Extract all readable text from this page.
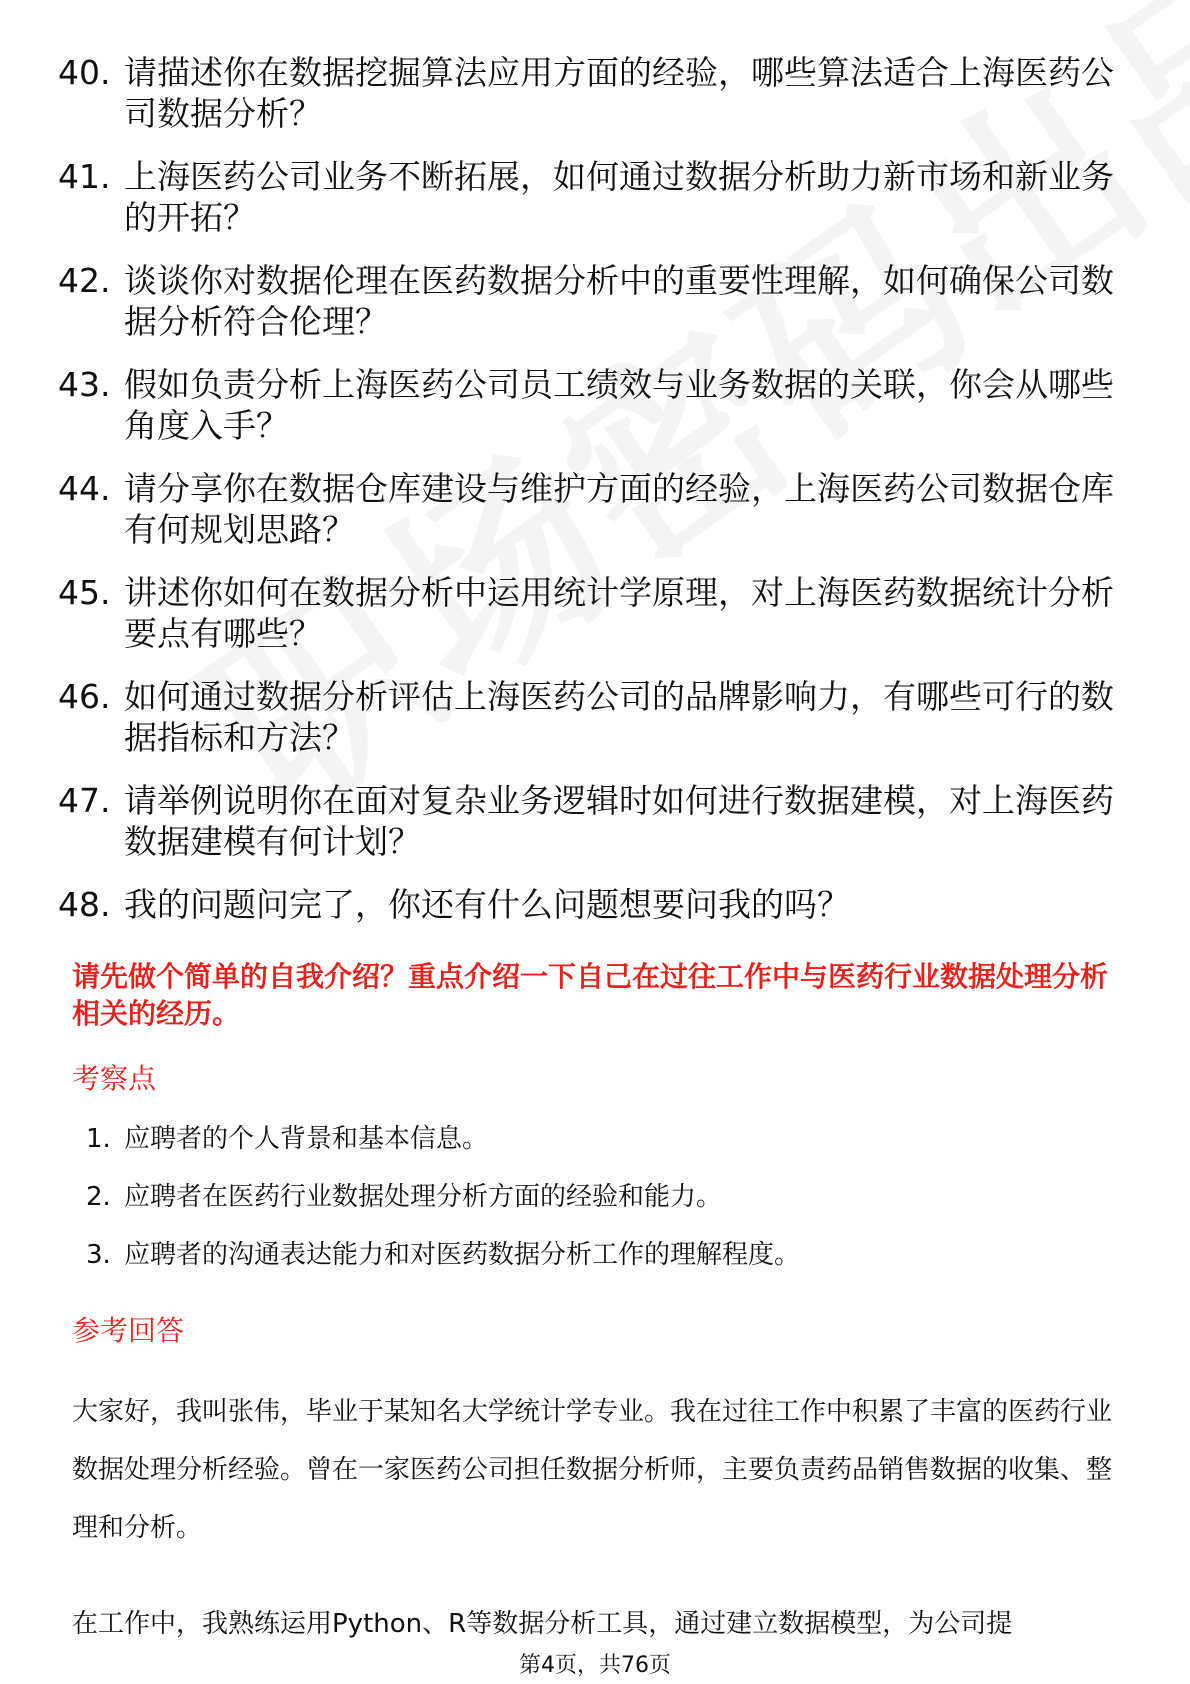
40. 请描述你在数据挖掘算法应用方面的经验，哪些算法适合上海医药公司数据分析？
41. 上海医药公司业务不断拓展，如何通过数据分析助力新市场和新业务的开拓？
42. 谈谈你对数据伦理在医药数据分析中的重要性理解，如何确保公司数据分析符合伦理？
43. 假如负责分析上海医药公司员工绩效与业务数据的关联，你会从哪些角度入手？
44. 请分享你在数据仓库建设与维护方面的经验，上海医药公司数据仓库有何规划思路？
45. 讲述你如何在数据分析中运用统计学原理，对上海医药数据统计分析要点有哪些？
46. 如何通过数据分析评估上海医药公司的品牌影响力，有哪些可行的数据指标和方法？
47. 请举例说明你在面对复杂业务逻辑时如何进行数据建模，对上海医药数据建模有何计划？
48. 我的问题问完了，你还有什么问题想要问我的吗？
请先做个简单的自我介绍？重点介绍一下自己在过往工作中与医药行业数据处理分析相关的经历。
考察点
1. 应聘者的个人背景和基本信息。
2. 应聘者在医药行业数据处理分析方面的经验和能力。
3. 应聘者的沟通表达能力和对医药数据分析工作的理解程度。
参考回答
大家好，我叫张伟，毕业于某知名大学统计学专业。我在过往工作中积累了丰富的医药行业数据处理分析经验。曾在一家医药公司担任数据分析师，主要负责药品销售数据的收集、整理和分析。
在工作中，我熟练运用Python、R等数据分析工具，通过建立数据模型，为公司提
第4页，共76页
